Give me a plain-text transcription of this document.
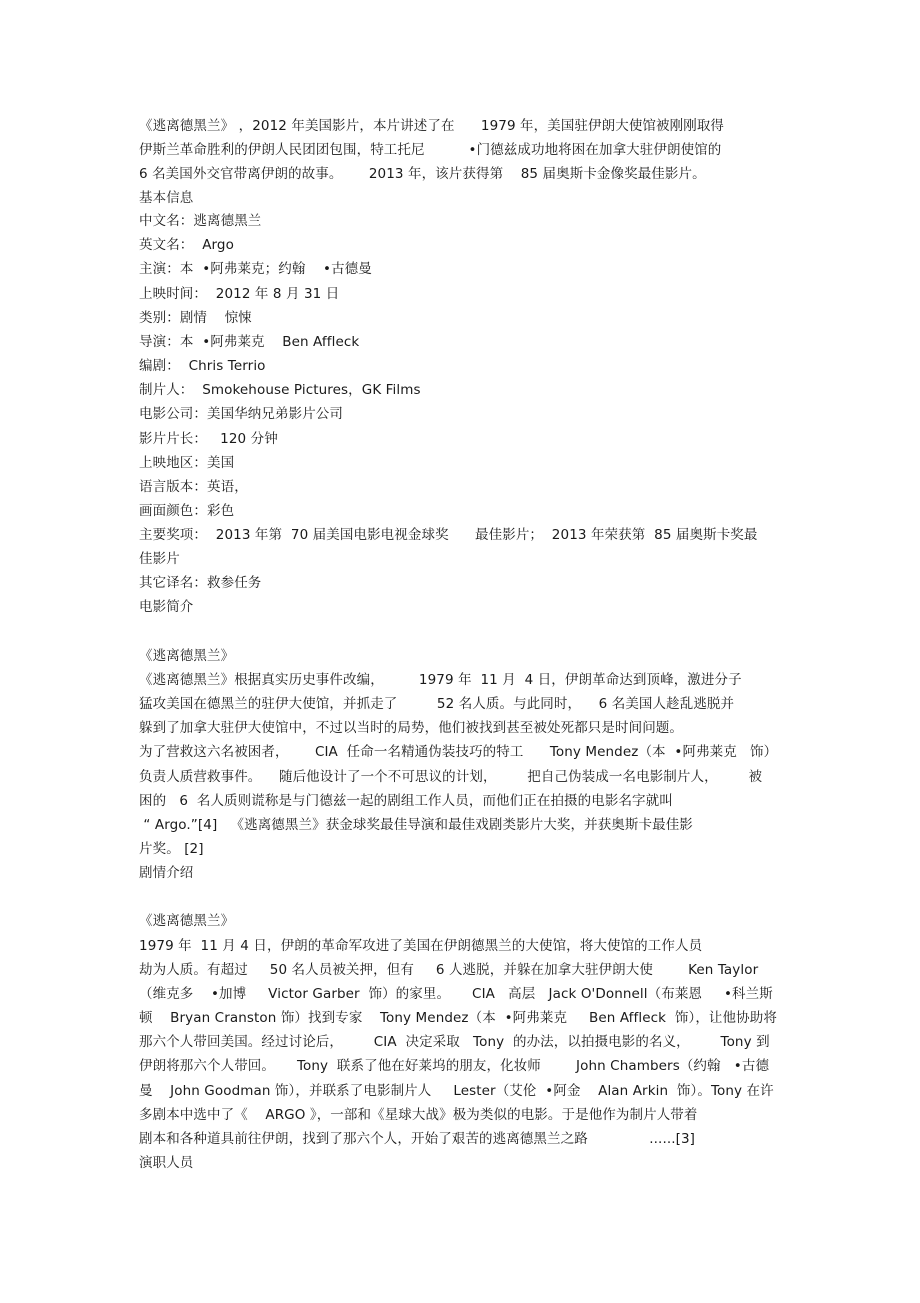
《逃离德黑兰》 ，2012 年美国影片，本片讲述了在      1979 年，美国驻伊朗大使馆被刚刚取得
伊斯兰革命胜利的伊朗人民团团包围，特工托尼          •门德兹成功地将困在加拿大驻伊朗使馆的
6 名美国外交官带离伊朗的故事。      2013 年，该片获得第    85 届奥斯卡金像奖最佳影片。
基本信息
中文名：逃离德黑兰
英文名：  Argo
主演：本  •阿弗莱克；约翰    •古德曼
上映时间：  2012 年 8 月 31 日
类别：剧情    惊悚
导演：本  •阿弗莱克    Ben Affleck
编剧：  Chris Terrio
制片人：  Smokehouse Pictures，GK Films
电影公司：美国华纳兄弟影片公司
影片片长：   120 分钟
上映地区：美国
语言版本：英语，
画面颜色：彩色
主要奖项：  2013 年第  70 届美国电影电视金球奖      最佳影片；  2013 年荣获第  85 届奥斯卡奖最
佳影片
其它译名：救参任务
电影简介
《逃离德黑兰》
《逃离德黑兰》根据真实历史事件改编，        1979 年  11 月  4 日，伊朗革命达到顶峰，激进分子
猛攻美国在德黑兰的驻伊大使馆，并抓走了         52 名人质。与此同时，    6 名美国人趁乱逃脱并
躲到了加拿大驻伊大使馆中，不过以当时的局势，他们被找到甚至被处死都只是时间问题。
为了营救这六名被困者，      CIA  任命一名精通伪装技巧的特工      Tony Mendez（本  •阿弗莱克   饰）
负责人质营救事件。    随后他设计了一个不可思议的计划，       把自己伪装成一名电影制片人，       被
困的   6  名人质则谎称是与门德兹一起的剧组工作人员，而他们正在拍摄的电影名字就叫
“ Argo.”[4]   《逃离德黑兰》获金球奖最佳导演和最佳戏剧类影片大奖，并获奥斯卡最佳影
片奖。 [2]
剧情介绍
《逃离德黑兰》
1979 年  11 月 4 日，伊朗的革命军攻进了美国在伊朗德黑兰的大使馆，将大使馆的工作人员
劫为人质。有超过     50 名人员被关押，但有     6 人逃脱，并躲在加拿大驻伊朗大使        Ken Taylor
（维克多    •加博     Victor Garber  饰）的家里。     CIA   高层   Jack O'Donnell（布莱恩     •科兰斯
顿    Bryan Cranston 饰）找到专家    Tony Mendez（本  •阿弗莱克     Ben Affleck  饰），让他协助将
那六个人带回美国。经过讨论后，       CIA  决定采取   Tony  的办法，以拍摄电影的名义，       Tony 到
伊朗将那六个人带回。     Tony  联系了他在好莱坞的朋友，化妆师        John Chambers（约翰   •古德
曼    John Goodman 饰），并联系了电影制片人     Lester（艾伦  •阿金    Alan Arkin  饰）。Tony 在许
多剧本中选中了《    ARGO 》，一部和《星球大战》极为类似的电影。于是他作为制片人带着
剧本和各种道具前往伊朗，找到了那六个人，开始了艰苦的逃离德黑兰之路              ......[3]
演职人员
